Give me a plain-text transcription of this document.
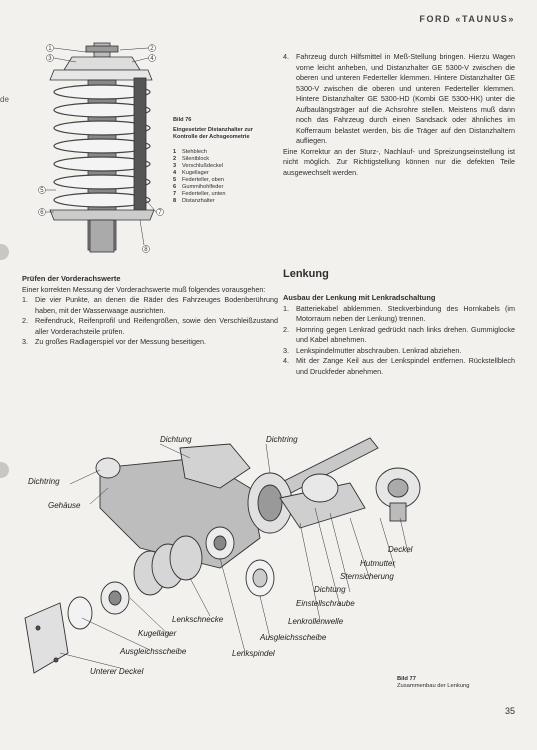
de
FORD «TAUNUS»
1
3
2
4
5
6	7
8
Bild 76
Eingesetzter Distanzhalter zur Kontrolle der Achsgeometrie
1	Stehblech
2	Silentblock
3	Verschlußdeckel
4	Kugellager
5	Federteller, oben
6	Gummihohlfeder
7	Federteller, unten
8	Distanzhalter
4. Fahrzeug durch Hilfsmittel in Meß-Stellung bringen. Hierzu Wagen vorne leicht anheben, und Distanzhalter GE 5300-V zwischen die oberen und unteren Federteller klemmen. Hintere Distanzhalter GE 5300-V zwischen die oberen und unteren Federteller klemmen. Hintere Distanzhalter GE 5300-HD (Kombi GE 5300-HK) unter die Aufbaulängsträger auf die Achsrohre stellen. Meistens muß dann noch das Fahrzeug durch einen Sandsack oder ähnliches im Kofferraum belastet werden, bis die Träger auf den Distanzhaltern aufliegen.
Eine Korrektur an der Sturz-, Nachlauf- und Spreizungseinstellung ist nicht möglich. Zur Richtigstellung können nur die defekten Teile ausgewechselt werden.
Prüfen der Vorderachswerte
Einer korrekten Messung der Vorderachswerte muß folgendes vorausgehen:
1. Die vier Punkte, an denen die Räder des Fahrzeuges Bodenberührung haben, mit der Wasserwaage ausrichten.
2. Reifendruck, Reifenprofil und Reifengrößen, sowie den Verschleißzustand aller Vorderachsteile prüfen.
3. Zu großes Radlagerspiel vor der Messung beseitigen.
Lenkung
Ausbau der Lenkung mit Lenkradschaltung
1. Batteriekabel abklemmen. Steckverbindung des Hornkabels (im Motorraum neben der Lenkung) trennen.
2. Hornring gegen Lenkrad gedrückt nach links drehen. Gummiglocke und Kabel abnehmen.
3. Lenkspindelmutter abschrauben. Lenkrad abziehen.
4. Mit der Zange Keil aus der Lenkspindel entfernen. Rückstellblech und Druckfeder abnehmen.
Dichtung	Dichtring
Dichtring
Gehäuse
Deckel
Hutmutter
Sternsicherung
Dichtung
Einstellschraube
Lenkrollenwelle
Lenkschnecke
Ausgleichsscheibe
Kugellager
Ausgleichsscheibe	Lenkspindel
Unterer Deckel
Bild 77
Zusammenbau der Lenkung
35
